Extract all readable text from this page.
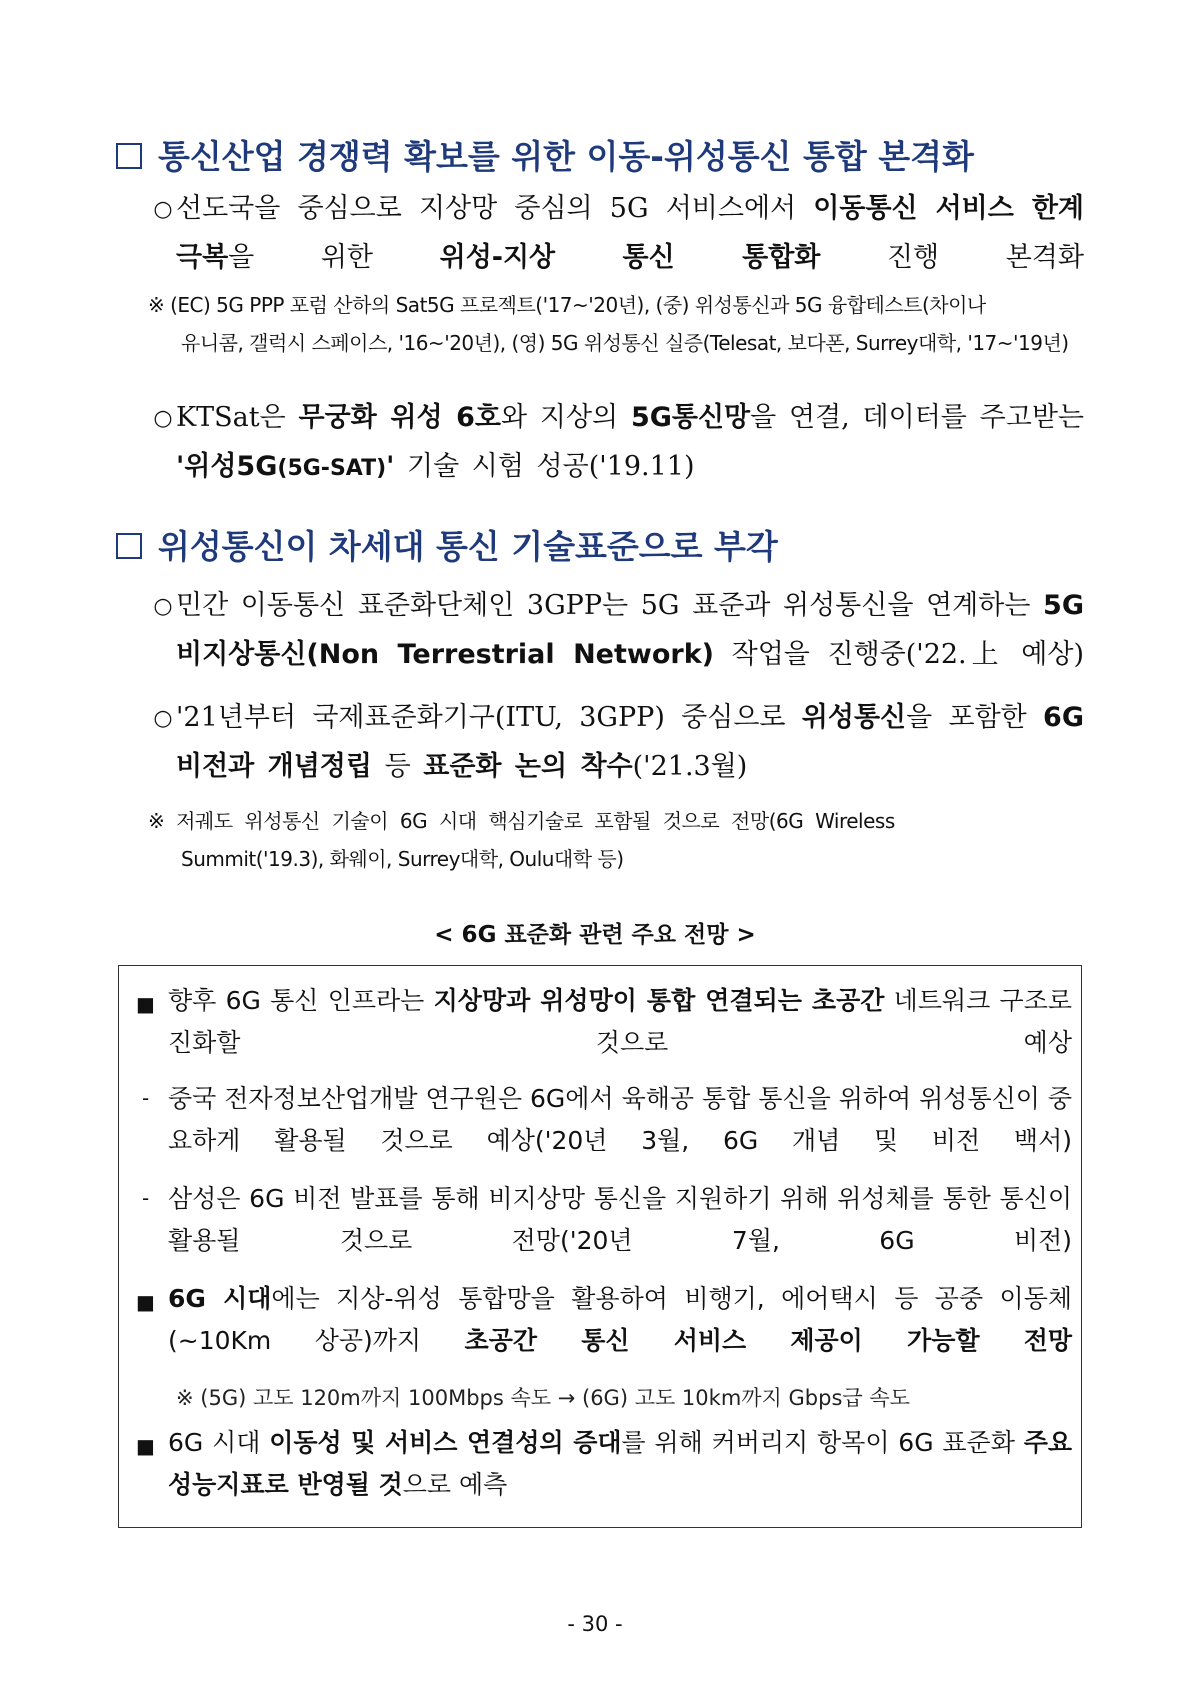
통신산업 경쟁력 확보를 위한 이동-위성통신 통합 본격화
○ 선도국을 중심으로 지상망 중심의 5G 서비스에서 이동통신 서비스 한계 극복을 위한 위성-지상 통신 통합화 진행 본격화
※ (EC) 5G PPP 포럼 산하의 Sat5G 프로젝트('17~'20년), (중) 위성통신과 5G 융합테스트(차이나
유니콤, 갤럭시 스페이스, '16~'20년), (영) 5G 위성통신 실증(Telesat, 보다폰, Surrey대학, '17~'19년)
○ KTSat은 무궁화 위성 6호와 지상의 5G통신망을 연결, 데이터를 주고받는 '위성5G(5G-SAT)' 기술 시험 성공('19.11)
위성통신이 차세대 통신 기술표준으로 부각
○ 민간 이동통신 표준화단체인 3GPP는 5G 표준과 위성통신을 연계하는 5G 비지상통신(Non Terrestrial Network) 작업을 진행중('22.上 예상)
○ '21년부터 국제표준화기구(ITU, 3GPP) 중심으로 위성통신을 포함한 6G 비전과 개념정립 등 표준화 논의 착수('21.3월)
※ 저궤도 위성통신 기술이 6G 시대 핵심기술로 포함될 것으로 전망(6G Wireless
Summit('19.3), 화웨이, Surrey대학, Oulu대학 등)
< 6G 표준화 관련 주요 전망 >
■ 향후 6G 통신 인프라는 지상망과 위성망이 통합 연결되는 초공간 네트워크 구조로 진화할 것으로 예상
- 중국 전자정보산업개발 연구원은 6G에서 육해공 통합 통신을 위하여 위성통신이 중요하게 활용될 것으로 예상('20년 3월, 6G 개념 및 비전 백서)
- 삼성은 6G 비전 발표를 통해 비지상망 통신을 지원하기 위해 위성체를 통한 통신이 활용될 것으로 전망('20년 7월, 6G 비전)
■ 6G 시대에는 지상-위성 통합망을 활용하여 비행기, 에어택시 등 공중 이동체 (~10Km 상공)까지 초공간 통신 서비스 제공이 가능할 전망
※ (5G) 고도 120m까지 100Mbps 속도 → (6G) 고도 10km까지 Gbps급 속도
■ 6G 시대 이동성 및 서비스 연결성의 증대를 위해 커버리지 항목이 6G 표준화 주요 성능지표로 반영될 것으로 예측
- 30 -
